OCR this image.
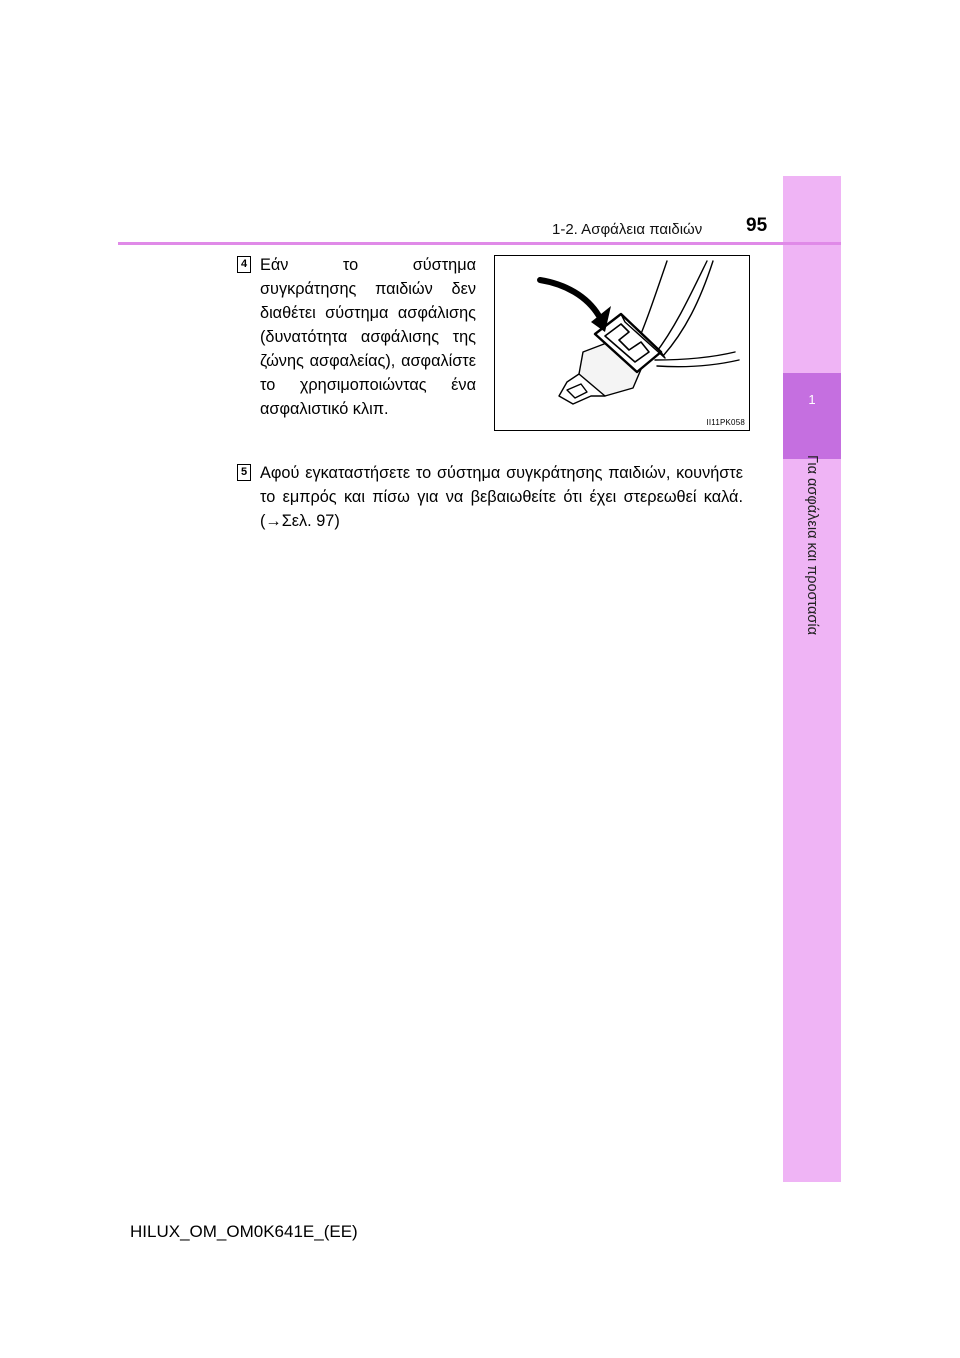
1
Για ασφάλεια και προστασία
1-2. Ασφάλεια παιδιών 95
4 Εάν το σύστημα συγκράτησης παιδιών δεν διαθέτει σύστημα ασφάλισης (δυνατότητα ασφάλισης της ζώνης ασφαλείας), ασφαλίστε το χρησιμοποιώντας ένα ασφαλιστικό κλιπ.
II11PK058
5 Αφού εγκαταστήσετε το σύστημα συγκράτησης παιδιών, κουνήστε το εμπρός και πίσω για να βεβαιωθείτε ότι έχει στερεωθεί καλά. (→Σελ. 97)
HILUX_OM_OM0K641E_(EE)
